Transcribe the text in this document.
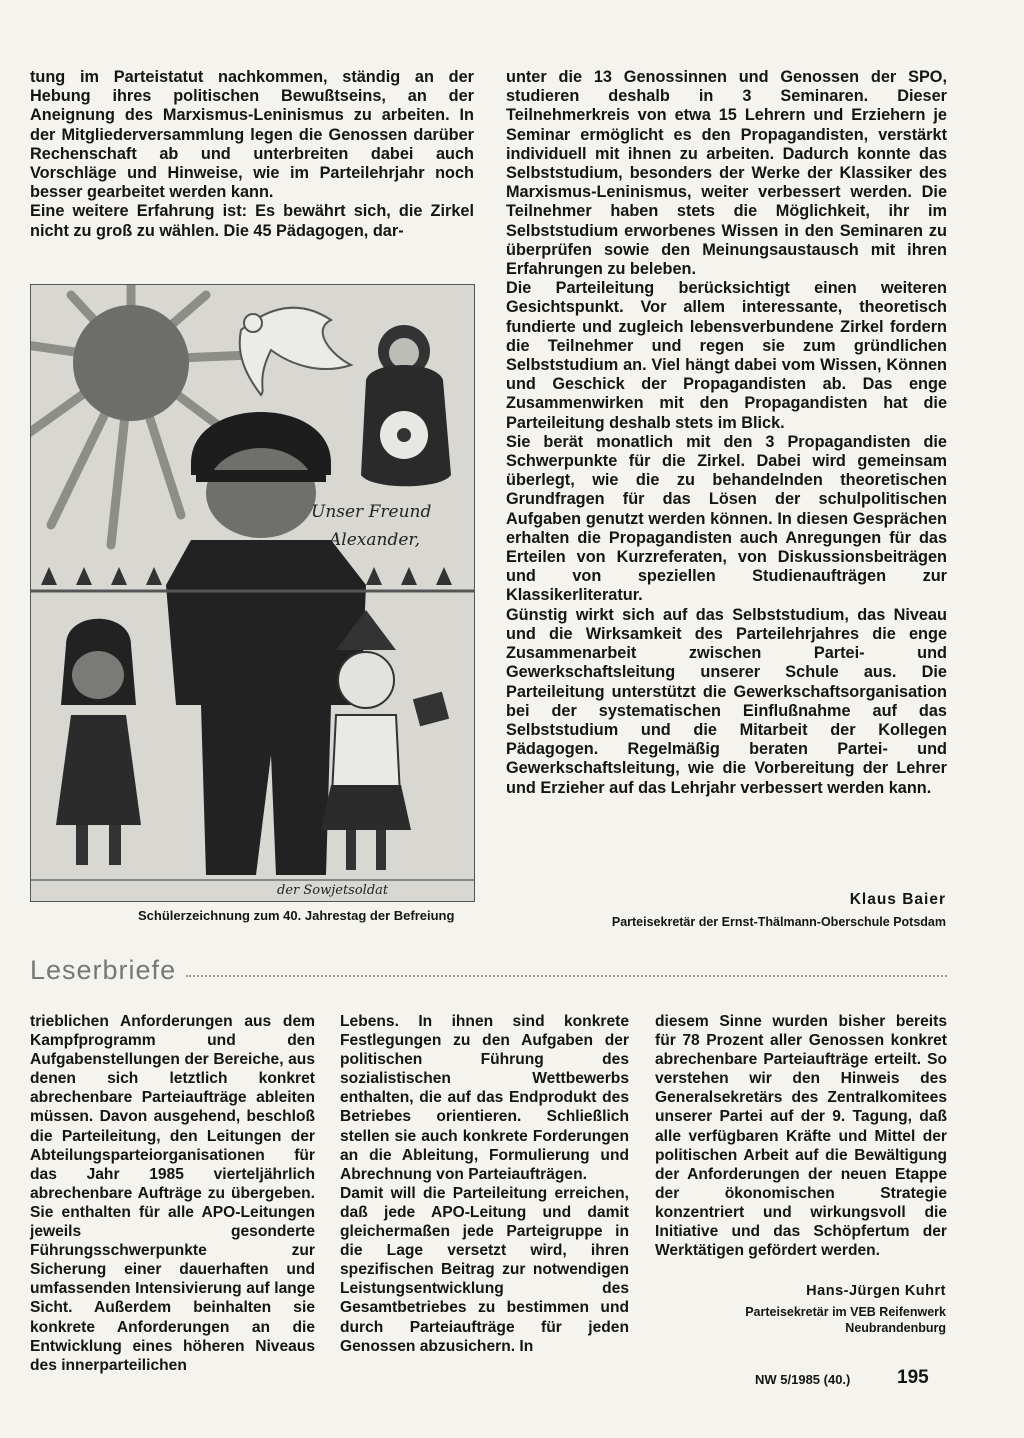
tung im Parteistatut nachkommen, ständig an der Hebung ihres politischen Bewußtseins, an der Aneignung des Marxismus-Leninismus zu arbeiten. In der Mitgliederversammlung legen die Genossen darüber Rechenschaft ab und unterbreiten dabei auch Vorschläge und Hinweise, wie im Parteilehrjahr noch besser gearbeitet werden kann.

Eine weitere Erfahrung ist: Es bewährt sich, die Zirkel nicht zu groß zu wählen. Die 45 Pädagogen, dar-

Unser Freund
Alexander,
der Sowjetsoldat
Schülerzeichnung zum 40. Jahrestag der Befreiung

unter die 13 Genossinnen und Genossen der SPO, studieren deshalb in 3 Seminaren. Dieser Teilnehmerkreis von etwa 15 Lehrern und Erziehern je Seminar ermöglicht es den Propagandisten, verstärkt individuell mit ihnen zu arbeiten. Dadurch konnte das Selbststudium, besonders der Werke der Klassiker des Marxismus-Leninismus, weiter verbessert werden. Die Teilnehmer haben stets die Möglichkeit, ihr im Selbststudium erworbenes Wissen in den Seminaren zu überprüfen sowie den Meinungsaustausch mit ihren Erfahrungen zu beleben.

Die Parteileitung berücksichtigt einen weiteren Gesichtspunkt. Vor allem interessante, theoretisch fundierte und zugleich lebensverbundene Zirkel fordern die Teilnehmer und regen sie zum gründlichen Selbststudium an. Viel hängt dabei vom Wissen, Können und Geschick der Propagandisten ab. Das enge Zusammenwirken mit den Propagandisten hat die Parteileitung deshalb stets im Blick.

Sie berät monatlich mit den 3 Propagandisten die Schwerpunkte für die Zirkel. Dabei wird gemeinsam überlegt, wie die zu behandelnden theoretischen Grundfragen für das Lösen der schulpolitischen Aufgaben genutzt werden können. In diesen Gesprächen erhalten die Propagandisten auch Anregungen für das Erteilen von Kurzreferaten, von Diskussionsbeiträgen und von speziellen Studienaufträgen zur Klassikerliteratur.

Günstig wirkt sich auf das Selbststudium, das Niveau und die Wirksamkeit des Parteilehrjahres die enge Zusammenarbeit zwischen Partei- und Gewerkschaftsleitung unserer Schule aus. Die Parteileitung unterstützt die Gewerkschaftsorganisation bei der systematischen Einflußnahme auf das Selbststudium und die Mitarbeit der Kollegen Pädagogen. Regelmäßig beraten Partei- und Gewerkschaftsleitung, wie die Vorbereitung der Lehrer und Erzieher auf das Lehrjahr verbessert werden kann.

Klaus Baier
Parteisekretär der Ernst-Thälmann-Oberschule Potsdam
Leserbriefe

trieblichen Anforderungen aus dem Kampfprogramm und den Aufgabenstellungen der Bereiche, aus denen sich letztlich konkret abrechenbare Parteiaufträge ableiten müssen. Davon ausgehend, beschloß die Parteileitung, den Leitungen der Abteilungsparteiorganisationen für das Jahr 1985 vierteljährlich abrechenbare Aufträge zu übergeben. Sie enthalten für alle APO-Leitungen jeweils gesonderte Führungsschwerpunkte zur Sicherung einer dauerhaften und umfassenden Intensivierung auf lange Sicht. Außerdem beinhalten sie konkrete Anforderungen an die Entwicklung eines höheren Niveaus des innerparteilichen

Lebens. In ihnen sind konkrete Festlegungen zu den Aufgaben der politischen Führung des sozialistischen Wettbewerbs enthalten, die auf das Endprodukt des Betriebes orientieren. Schließlich stellen sie auch konkrete Forderungen an die Ableitung, Formulierung und Abrechnung von Parteiaufträgen.

Damit will die Parteileitung erreichen, daß jede APO-Leitung und damit gleichermaßen jede Parteigruppe in die Lage versetzt wird, ihren spezifischen Beitrag zur notwendigen Leistungsentwicklung des Gesamtbetriebes zu bestimmen und durch Parteiaufträge für jeden Genossen abzusichern. In

diesem Sinne wurden bisher bereits für 78 Prozent aller Genossen konkret abrechenbare Parteiaufträge erteilt. So verstehen wir den Hinweis des Generalsekretärs des Zentralkomitees unserer Partei auf der 9. Tagung, daß alle verfügbaren Kräfte und Mittel der politischen Arbeit auf die Bewältigung der Anforderungen der neuen Etappe der ökonomischen Strategie konzentriert und wirkungsvoll die Initiative und das Schöpfertum der Werktätigen gefördert werden.

Hans-Jürgen Kuhrt
Parteisekretär im VEB Reifenwerk
Neubrandenburg
NW 5/1985 (40.) 195
